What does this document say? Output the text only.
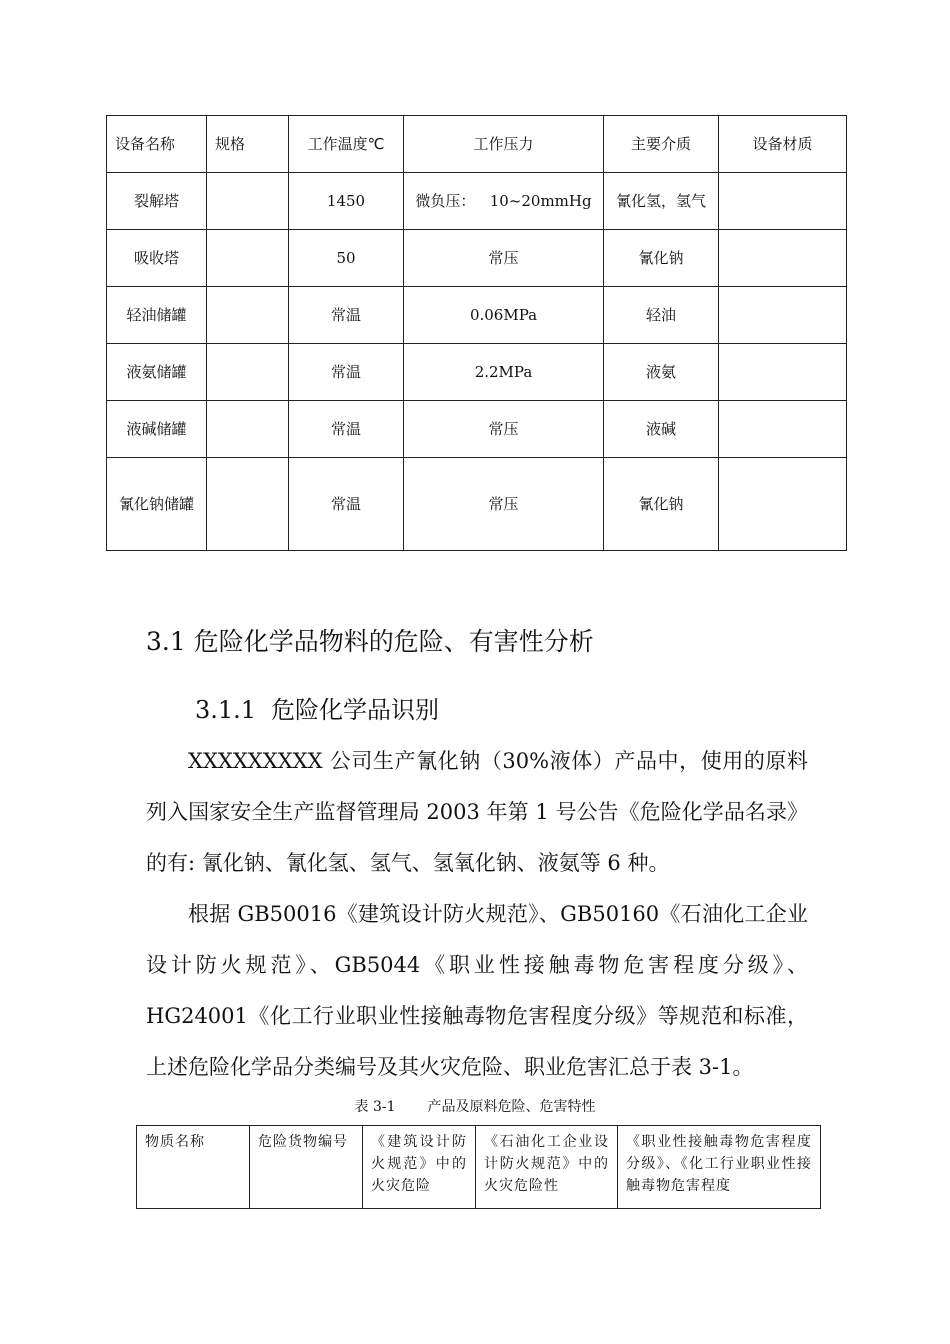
设备名称	规格	工作温度℃	工作压力	主要介质	设备材质
裂解塔		1450	微负压：   10~20mmHg	氰化氢，氢气	
吸收塔		50	常压	氰化钠	
轻油储罐		常温	0.06MPa	轻油	
液氨储罐		常温	2.2MPa	液氨	
液碱储罐		常温	常压	液碱	
氰化钠储罐		常温	常压	氰化钠	
3.1 危险化学品物料的危险、有害性分析
3.1.1 危险化学品识别

XXXXXXXXX 公司生产氰化钠（30%液体）产品中，使用的原料列入国家安全生产监督管理局 2003 年第 1 号公告《危险化学品名录》的有: 氰化钠、氰化氢、氢气、氢氧化钠、液氨等 6 种。

根据 GB50016《建筑设计防火规范》、GB50160《石油化工企业设计防火规范》、GB5044《职业性接触毒物危害程度分级》、HG24001《化工行业职业性接触毒物危害程度分级》等规范和标准，上述危险化学品分类编号及其火灾危险、职业危害汇总于表 3-1。

表 3-1 产品及原料危险、危害特性
物质名称	危险货物编号	《建筑设计防火规范》中的火灾危险	《石油化工企业设计防火规范》中的火灾危险性	《职业性接触毒物危害程度分级》、《化工行业职业性接触毒物危害程度
